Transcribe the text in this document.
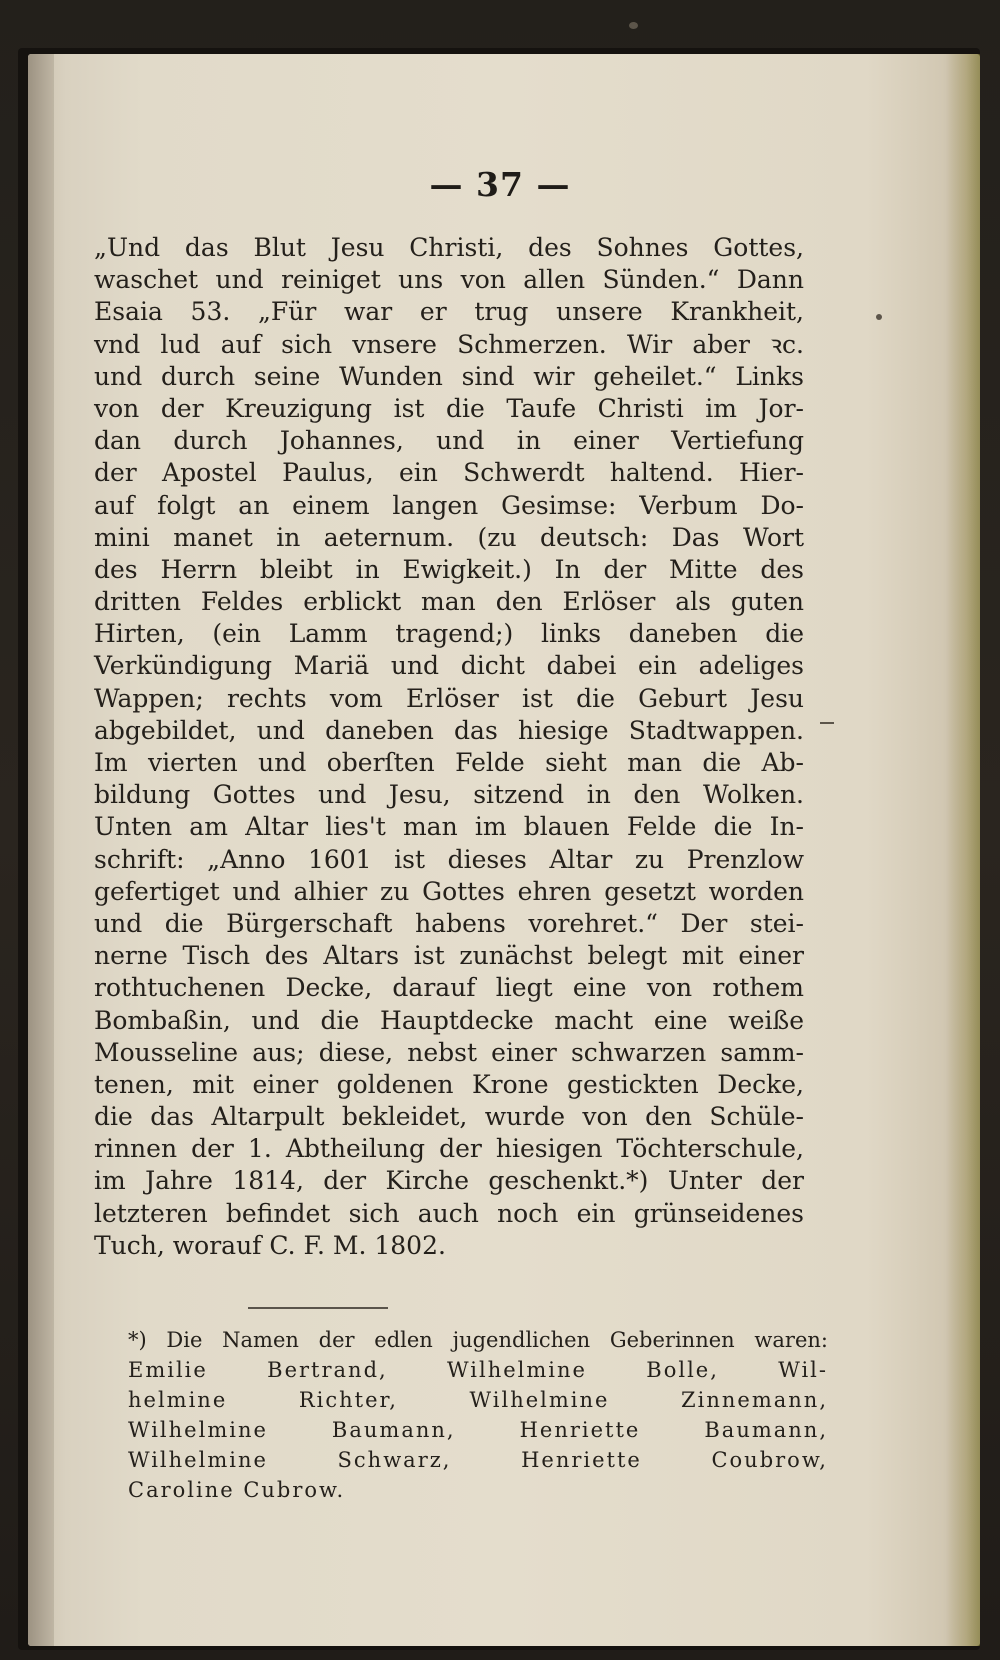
— 37 —
„Und das Blut Jesu Christi, des Sohnes Gottes,
waschet und reiniget uns von allen Sünden.“ Dann
Esaia 53. „Für war er trug unsere Krankheit,
vnd lud auf sich vnsere Schmerzen. Wir aber ꝛc.
und durch seine Wunden sind wir geheilet.“ Links
von der Kreuzigung ist die Taufe Christi im Jor-
dan durch Johannes, und in einer Vertiefung
der Apostel Paulus, ein Schwerdt haltend. Hier-
auf folgt an einem langen Gesimse: Verbum Do-
mini manet in aeternum. (zu deutsch: Das Wort
des Herrn bleibt in Ewigkeit.) In der Mitte des
dritten Feldes erblickt man den Erlöser als guten
Hirten, (ein Lamm tragend;) links daneben die
Verkündigung Mariä und dicht dabei ein adeliges
Wappen; rechts vom Erlöser ist die Geburt Jesu
abgebildet, und daneben das hiesige Stadtwappen.
Im vierten und oberſten Felde sieht man die Ab-
bildung Gottes und Jesu, sitzend in den Wolken.
Unten am Altar lies't man im blauen Felde die In-
schrift: „Anno 1601 ist dieses Altar zu Prenzlow
gefertiget und alhier zu Gottes ehren gesetzt worden
und die Bürgerschaft habens vorehret.“ Der stei-
nerne Tisch des Altars ist zunächst belegt mit einer
rothtuchenen Decke, darauf liegt eine von rothem
Bombaßin, und die Hauptdecke macht eine weiße
Mousseline aus; diese, nebst einer schwarzen samm-
tenen, mit einer goldenen Krone gestickten Decke,
die das Altarpult bekleidet, wurde von den Schüle-
rinnen der 1. Abtheilung der hiesigen Töchterschule,
im Jahre 1814, der Kirche geschenkt.*) Unter der
letzteren befindet sich auch noch ein grünseidenes
Tuch, worauf C. F. M. 1802.
*) Die Namen der edlen jugendlichen Geberinnen waren:
Emilie Bertrand, Wilhelmine Bolle, Wil-
helmine Richter, Wilhelmine Zinnemann,
Wilhelmine Baumann, Henriette Baumann,
Wilhelmine Schwarz, Henriette Coubrow,
Caroline Cubrow.
